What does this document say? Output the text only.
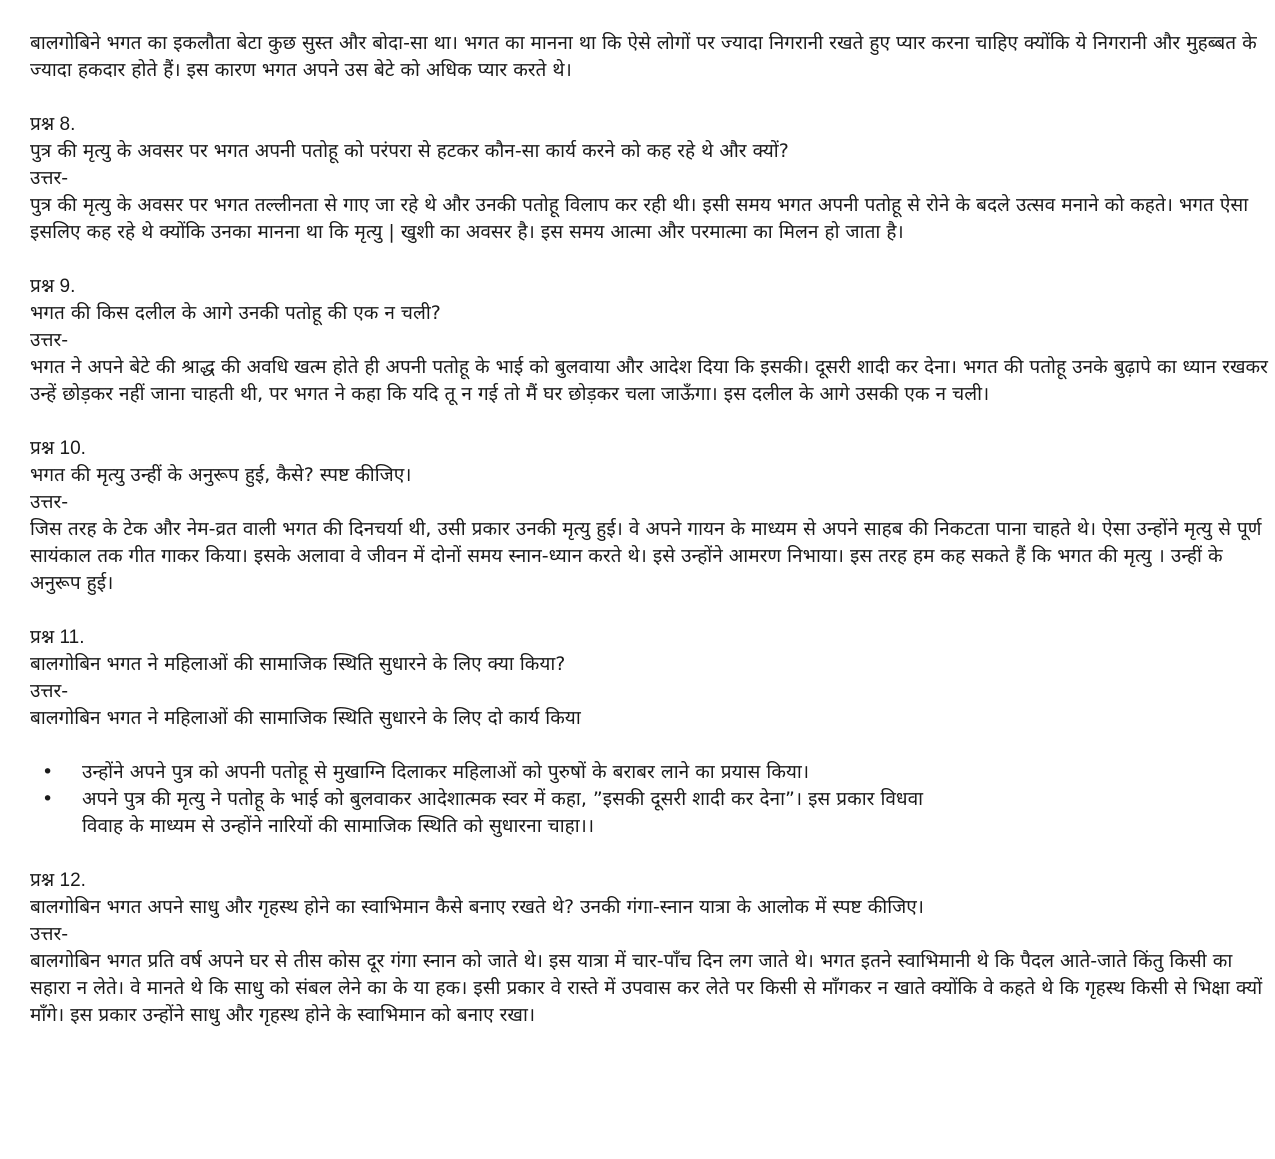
बालगोबिने भगत का इकलौता बेटा कुछ सुस्त और बोदा-सा था। भगत का मानना था कि ऐसे लोगों पर ज्यादा निगरानी रखते हुए प्यार करना चाहिए क्योंकि ये निगरानी और मुहब्बत के ज्यादा हकदार होते हैं। इस कारण भगत अपने उस बेटे को अधिक प्यार करते थे।

प्रश्न 8.

पुत्र की मृत्यु के अवसर पर भगत अपनी पतोहू को परंपरा से हटकर कौन-सा कार्य करने को कह रहे थे और क्यों?

उत्तर-

पुत्र की मृत्यु के अवसर पर भगत तल्लीनता से गाए जा रहे थे और उनकी पतोहू विलाप कर रही थी। इसी समय भगत अपनी पतोहू से रोने के बदले उत्सव मनाने को कहते। भगत ऐसा इसलिए कह रहे थे क्योंकि उनका मानना था कि मृत्यु | खुशी का अवसर है। इस समय आत्मा और परमात्मा का मिलन हो जाता है।

प्रश्न 9.

भगत की किस दलील के आगे उनकी पतोहू की एक न चली?

उत्तर-

भगत ने अपने बेटे की श्राद्ध की अवधि खत्म होते ही अपनी पतोहू के भाई को बुलवाया और आदेश दिया कि इसकी। दूसरी शादी कर देना। भगत की पतोहू उनके बुढ़ापे का ध्यान रखकर उन्हें छोड़कर नहीं जाना चाहती थी, पर भगत ने कहा कि यदि तू न गई तो मैं घर छोड़कर चला जाऊँगा। इस दलील के आगे उसकी एक न चली।

प्रश्न 10.

भगत की मृत्यु उन्हीं के अनुरूप हुई, कैसे? स्पष्ट कीजिए।

उत्तर-

जिस तरह के टेक और नेम-व्रत वाली भगत की दिनचर्या थी, उसी प्रकार उनकी मृत्यु हुई। वे अपने गायन के माध्यम से अपने साहब की निकटता पाना चाहते थे। ऐसा उन्होंने मृत्यु से पूर्ण सायंकाल तक गीत गाकर किया। इसके अलावा वे जीवन में दोनों समय स्नान-ध्यान करते थे। इसे उन्होंने आमरण निभाया। इस तरह हम कह सकते हैं कि भगत की मृत्यु । उन्हीं के अनुरूप हुई।

प्रश्न 11.

बालगोबिन भगत ने महिलाओं की सामाजिक स्थिति सुधारने के लिए क्या किया?

उत्तर-

बालगोबिन भगत ने महिलाओं की सामाजिक स्थिति सुधारने के लिए दो कार्य किया

• उन्होंने अपने पुत्र को अपनी पतोहू से मुखाग्नि दिलाकर महिलाओं को पुरुषों के बराबर लाने का प्रयास किया।
• अपने पुत्र की मृत्यु ने पतोहू के भाई को बुलवाकर आदेशात्मक स्वर में कहा, ”इसकी दूसरी शादी कर देना”। इस प्रकार विधवा विवाह के माध्यम से उन्होंने नारियों की सामाजिक स्थिति को सुधारना चाहा।।

प्रश्न 12.

बालगोबिन भगत अपने साधु और गृहस्थ होने का स्वाभिमान कैसे बनाए रखते थे? उनकी गंगा-स्नान यात्रा के आलोक में स्पष्ट कीजिए।

उत्तर-

बालगोबिन भगत प्रति वर्ष अपने घर से तीस कोस दूर गंगा स्नान को जाते थे। इस यात्रा में चार-पाँच दिन लग जाते थे। भगत इतने स्वाभिमानी थे कि पैदल आते-जाते किंतु किसी का सहारा न लेते। वे मानते थे कि साधु को संबल लेने का के या हक। इसी प्रकार वे रास्ते में उपवास कर लेते पर किसी से माँगकर न खाते क्योंकि वे कहते थे कि गृहस्थ किसी से भिक्षा क्यों माँगे। इस प्रकार उन्होंने साधु और गृहस्थ होने के स्वाभिमान को बनाए रखा।
